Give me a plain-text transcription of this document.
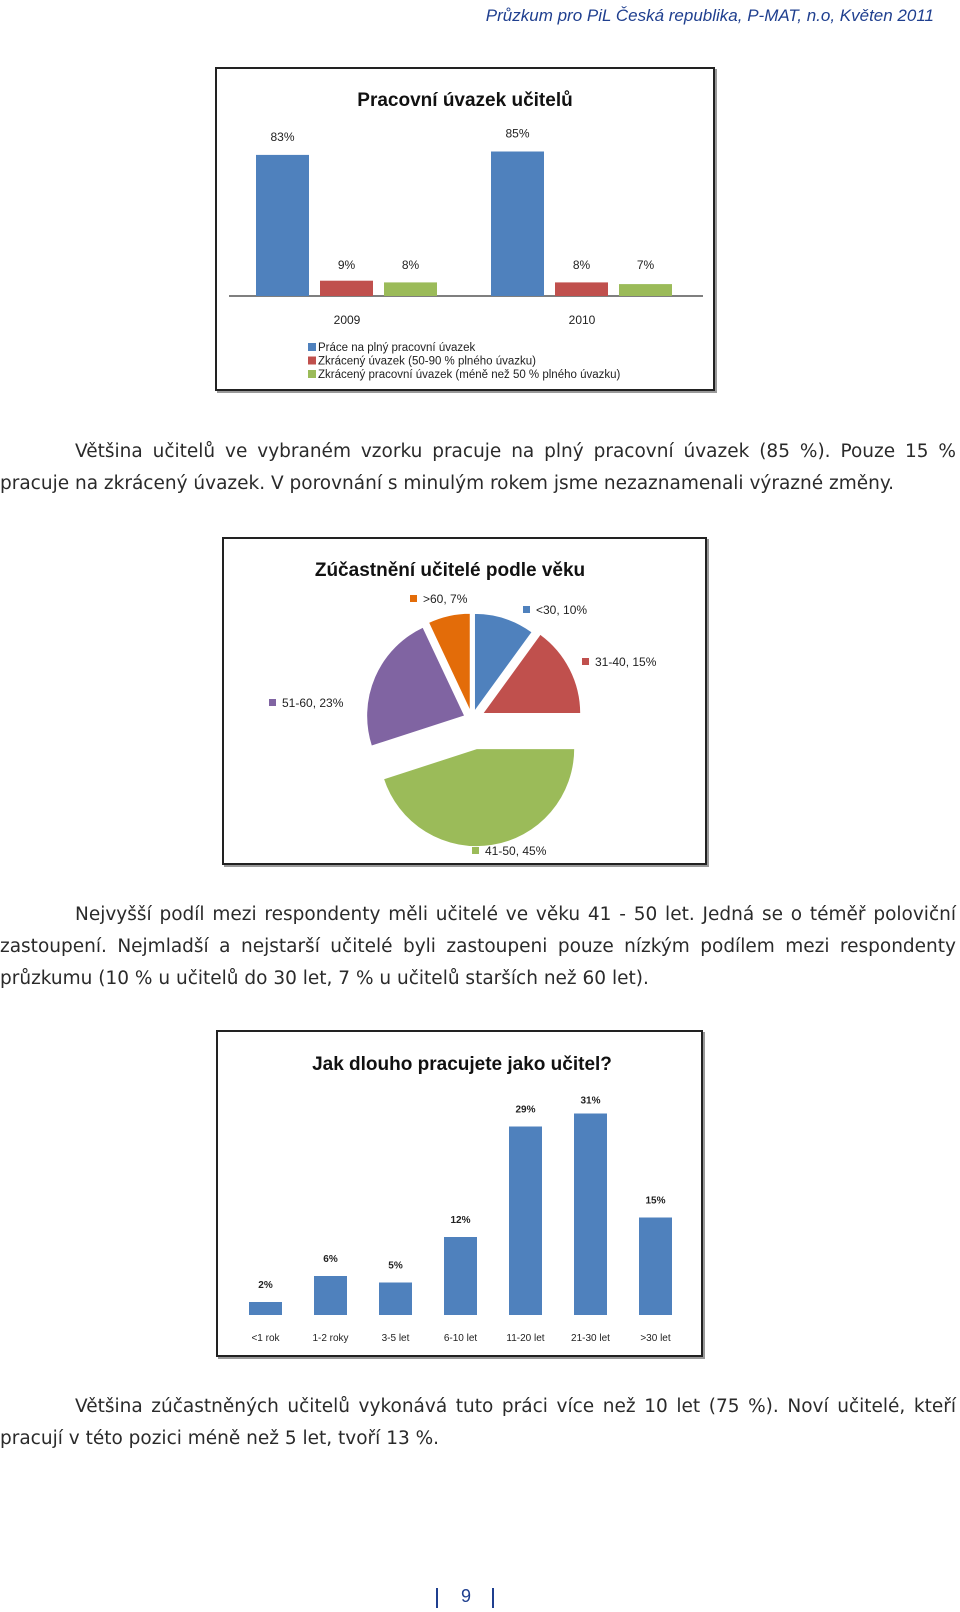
Průzkum pro PiL Česká republika, P-MAT, n.o, Květen 2011
Pracovní úvazek učitelů
83%
9%	8%
2009
85%
8%	7%
2010
Práce na plný pracovní úvazek
Zkrácený úvazek (50-90 % plného úvazku)
Zkrácený pracovní úvazek (méně než 50 % plného úvazku)
Většina učitelů ve vybraném vzorku pracuje na plný pracovní úvazek (85 %). Pouze 15 % pracuje na zkrácený úvazek. V porovnání s minulým rokem jsme nezaznamenali výrazné změny.
Zúčastnění učitelé podle věku
<30, 10%
31-40, 15%
41-50, 45%
51-60, 23%
>60, 7%
Nejvyšší podíl mezi respondenty měli učitelé ve věku 41 - 50 let. Jedná se o téměř poloviční zastoupení. Nejmladší a nejstarší učitelé byli zastoupeni pouze nízkým podílem mezi respondenty průzkumu (10 % u učitelů do 30 let, 7 % u učitelů starších než 60 let).
Jak dlouho pracujete jako učitel?
2%
<1 rok
6%
1-2 roky
5%
3-5 let
12%
6-10 let
29%
11-20 let
31%
21-30 let
15%
>30 let
Většina zúčastněných učitelů vykonává tuto práci více než 10 let (75 %). Noví učitelé, kteří pracují v této pozici méně než 5 let, tvoří 13 %.
9
